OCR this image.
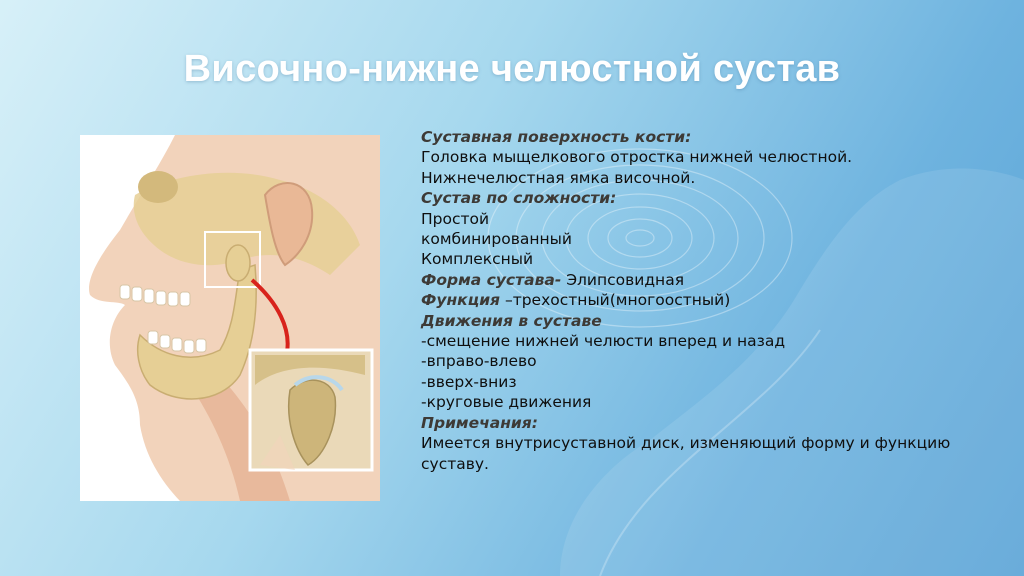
Височно-нижне челюстной сустав
Суставная поверхность кости:
Головка мыщелкового отростка нижней челюстной.
Нижнечелюстная ямка височной.
Сустав по сложности:
Простой
комбинированный
Комплексный
Форма сустава- Элипсовидная
Функция –трехостный(многоостный)
Движения в суставе
-смещение нижней челюсти вперед и назад
-вправо-влево
-вверх-вниз
-круговые движения
Примечания:
Имеется внутрисуставной диск, изменяющий форму и функцию суставу.
